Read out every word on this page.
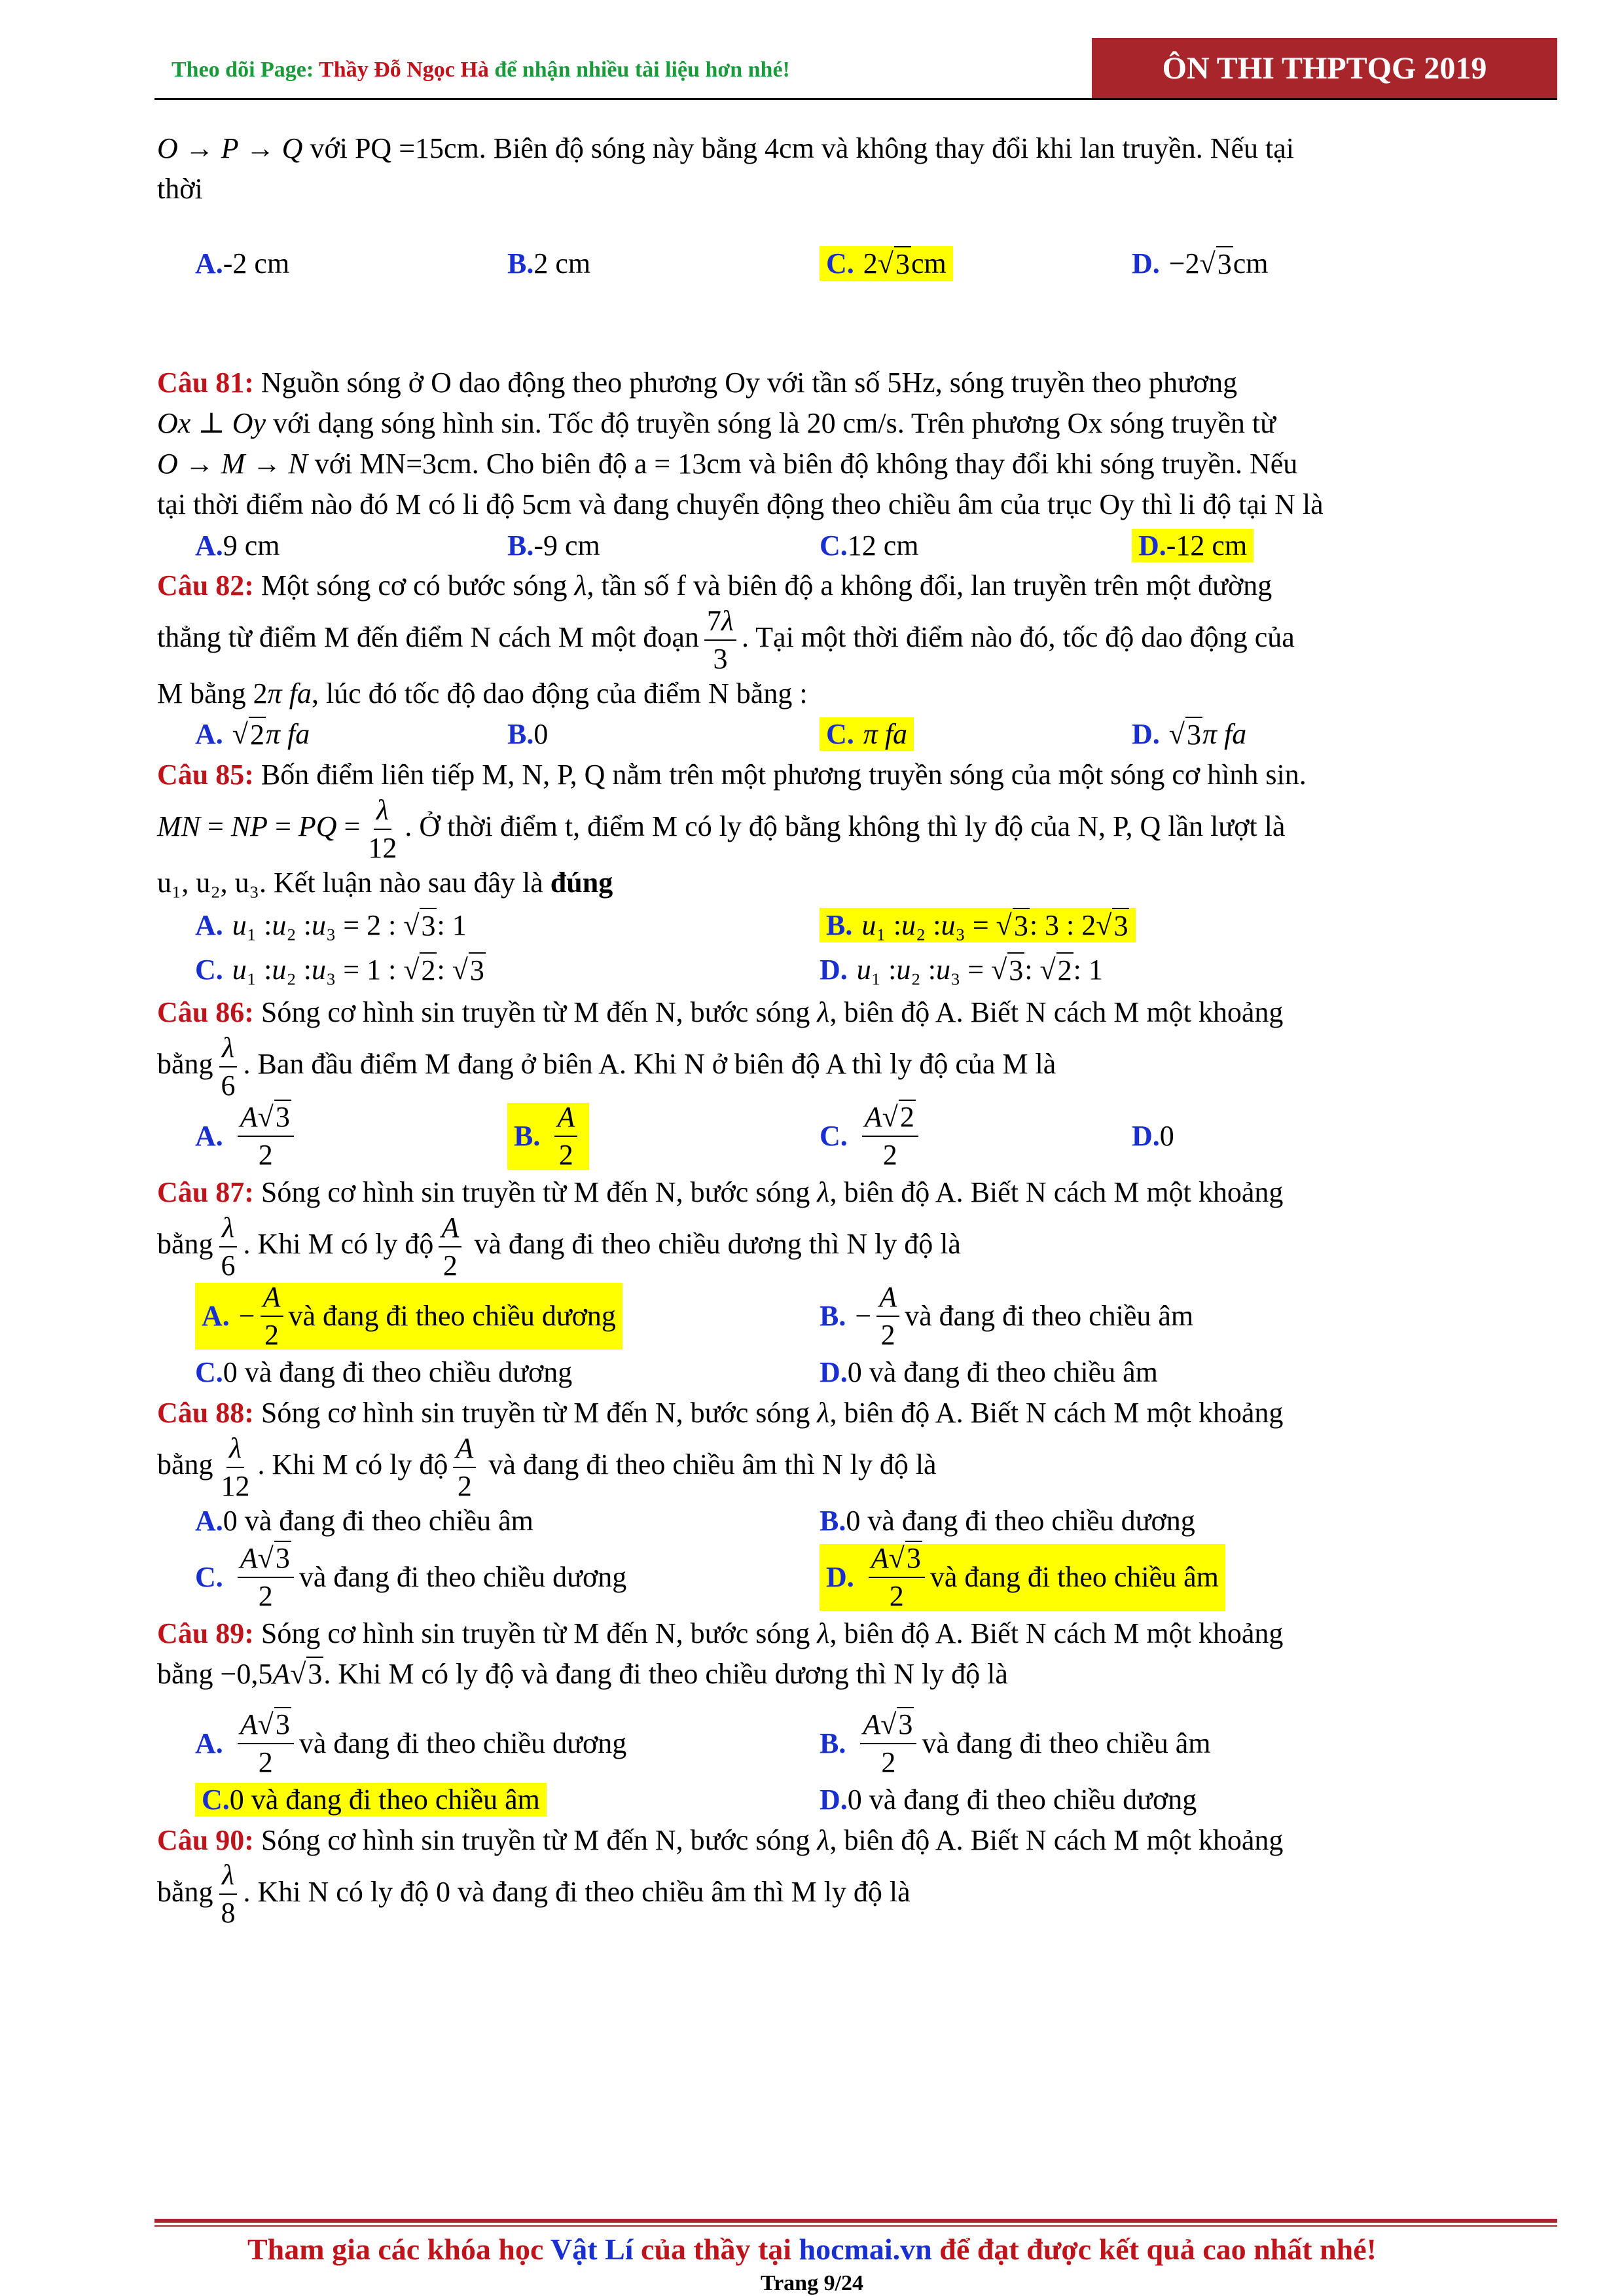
Theo dõi Page: Thầy Đỗ Ngọc Hà để nhận nhiều tài liệu hơn nhé!	ÔN THI THPTQG 2019

O → P → Q với PQ =15cm. Biên độ sóng này bằng 4cm và không thay đổi khi lan truyền. Nếu tại

thời

A. -2 cm	B. 2 cm	C. 2√ 3 cm	D. −2√ 3 cm

Câu 81: Nguồn sóng ở O dao động theo phương Oy với tần số 5Hz, sóng truyền theo phương

Ox ⊥ Oy với dạng sóng hình sin. Tốc độ truyền sóng là 20 cm/s. Trên phương Ox sóng truyền từ

O → M → N với MN=3cm. Cho biên độ a = 13cm và biên độ không thay đổi khi sóng truyền. Nếu

tại thời điểm nào đó M có li độ 5cm và đang chuyển động theo chiều âm của trục Oy thì li độ tại N là

A. 9 cm	B. -9 cm	C. 12 cm	D. -12 cm

Câu 82: Một sóng cơ có bước sóng λ, tần số f và biên độ a không đổi, lan truyền trên một đường

thẳng từ điểm M đến điểm N cách M một đoạn $\frac{7\lambda}{3}$ . Tại một thời điểm nào đó, tốc độ dao động của

M bằng 2π fa, lúc đó tốc độ dao động của điểm N bằng :

A. √ 2 π fa	B. 0	C. π fa	D. √ 3 π fa

Câu 85: Bốn điểm liên tiếp M, N, P, Q nằm trên một phương truyền sóng của một sóng cơ hình sin.

MN = NP = PQ = $\frac{\lambda}{12}$ . Ở thời điểm t, điểm M có ly độ bằng không thì ly độ của N, P, Q lần lượt là

u₁, u₂, u₃. Kết luận nào sau đây là đúng

A. u ₁ : u ₂ : u ₃ = 2 : √ 3 : 1	B. u ₁ : u ₂ : u ₃ = √ 3 : 3 : 2√ 3
C. u ₁ : u ₂ : u ₃ = 1 : √ 2 : √ 3	D. u ₁ : u ₂ : u ₃ = √ 3 : √ 2 : 1

Câu 86: Sóng cơ hình sin truyền từ M đến N, bước sóng λ, biên độ A. Biết N cách M một khoảng

bằng $\frac{\lambda}{6}$ . Ban đầu điểm M đang ở biên A. Khi N ở biên độ A thì ly độ của M là

A. $\frac{A√3}{2}$	B. $\frac{A}{2}$	C. $\frac{A√2}{2}$	D. 0

Câu 87: Sóng cơ hình sin truyền từ M đến N, bước sóng λ, biên độ A. Biết N cách M một khoảng

bằng $\frac{\lambda}{6}$ . Khi M có ly độ $\frac{A}{2}$ và đang đi theo chiều dương thì N ly độ là

A. − $\frac{A}{2}$ và đang đi theo chiều dương	B. − $\frac{A}{2}$ và đang đi theo chiều âm
C. 0 và đang đi theo chiều dương	D. 0 và đang đi theo chiều âm

Câu 88: Sóng cơ hình sin truyền từ M đến N, bước sóng λ, biên độ A. Biết N cách M một khoảng

bằng $\frac{\lambda}{12}$ . Khi M có ly độ $\frac{A}{2}$ và đang đi theo chiều âm thì N ly độ là

A. 0 và đang đi theo chiều âm	B. 0 và đang đi theo chiều dương
C. $\frac{A√3}{2}$ và đang đi theo chiều dương	D. $\frac{A√3}{2}$ và đang đi theo chiều âm

Câu 89: Sóng cơ hình sin truyền từ M đến N, bước sóng λ, biên độ A. Biết N cách M một khoảng

bằng −0,5A√3. Khi M có ly độ và đang đi theo chiều dương thì N ly độ là

A. $\frac{A√3}{2}$ và đang đi theo chiều dương	B. $\frac{A√3}{2}$ và đang đi theo chiều âm
C. 0 và đang đi theo chiều âm	D. 0 và đang đi theo chiều dương

Câu 90: Sóng cơ hình sin truyền từ M đến N, bước sóng λ, biên độ A. Biết N cách M một khoảng

bằng $\frac{\lambda}{8}$ . Khi N có ly độ 0 và đang đi theo chiều âm thì M ly độ là

Tham gia các khóa học Vật Lí của thầy tại hocmai.vn để đạt được kết quả cao nhất nhé!
Trang 9/24
